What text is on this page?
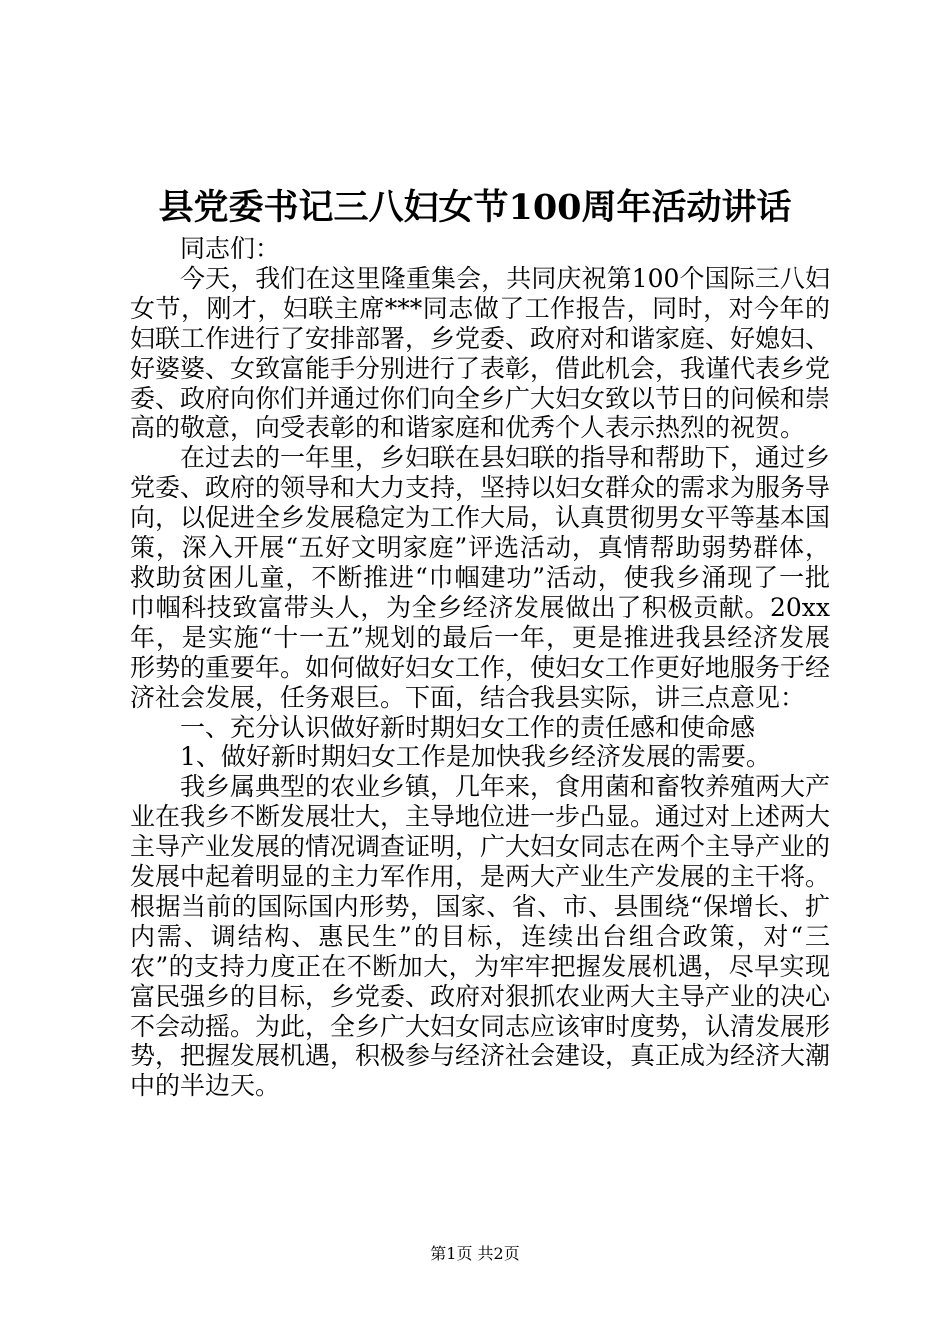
县党委书记三八妇女节100周年活动讲话

同志们：

今天，我们在这里隆重集会，共同庆祝第100个国际三八妇女节，刚才，妇联主席***同志做了工作报告，同时，对今年的妇联工作进行了安排部署，乡党委、政府对和谐家庭、好媳妇、好婆婆、女致富能手分别进行了表彰，借此机会，我谨代表乡党委、政府向你们并通过你们向全乡广大妇女致以节日的问候和崇高的敬意，向受表彰的和谐家庭和优秀个人表示热烈的祝贺。

在过去的一年里，乡妇联在县妇联的指导和帮助下，通过乡党委、政府的领导和大力支持，坚持以妇女群众的需求为服务导向，以促进全乡发展稳定为工作大局，认真贯彻男女平等基本国策，深入开展“五好文明家庭”评选活动，真情帮助弱势群体，救助贫困儿童，不断推进“巾帼建功”活动，使我乡涌现了一批巾帼科技致富带头人，为全乡经济发展做出了积极贡献。20xx年，是实施“十一五”规划的最后一年，更是推进我县经济发展形势的重要年。如何做好妇女工作，使妇女工作更好地服务于经济社会发展，任务艰巨。下面，结合我县实际，讲三点意见：

一、充分认识做好新时期妇女工作的责任感和使命感

1、做好新时期妇女工作是加快我乡经济发展的需要。

我乡属典型的农业乡镇，几年来，食用菌和畜牧养殖两大产业在我乡不断发展壮大，主导地位进一步凸显。通过对上述两大主导产业发展的情况调查证明，广大妇女同志在两个主导产业的发展中起着明显的主力军作用，是两大产业生产发展的主干将。根据当前的国际国内形势，国家、省、市、县围绕“保增长、扩内需、调结构、惠民生”的目标，连续出台组合政策，对“三农”的支持力度正在不断加大，为牢牢把握发展机遇，尽早实现富民强乡的目标，乡党委、政府对狠抓农业两大主导产业的决心不会动摇。为此，全乡广大妇女同志应该审时度势，认清发展形势，把握发展机遇，积极参与经济社会建设，真正成为经济大潮中的半边天。

第1页 共2页
